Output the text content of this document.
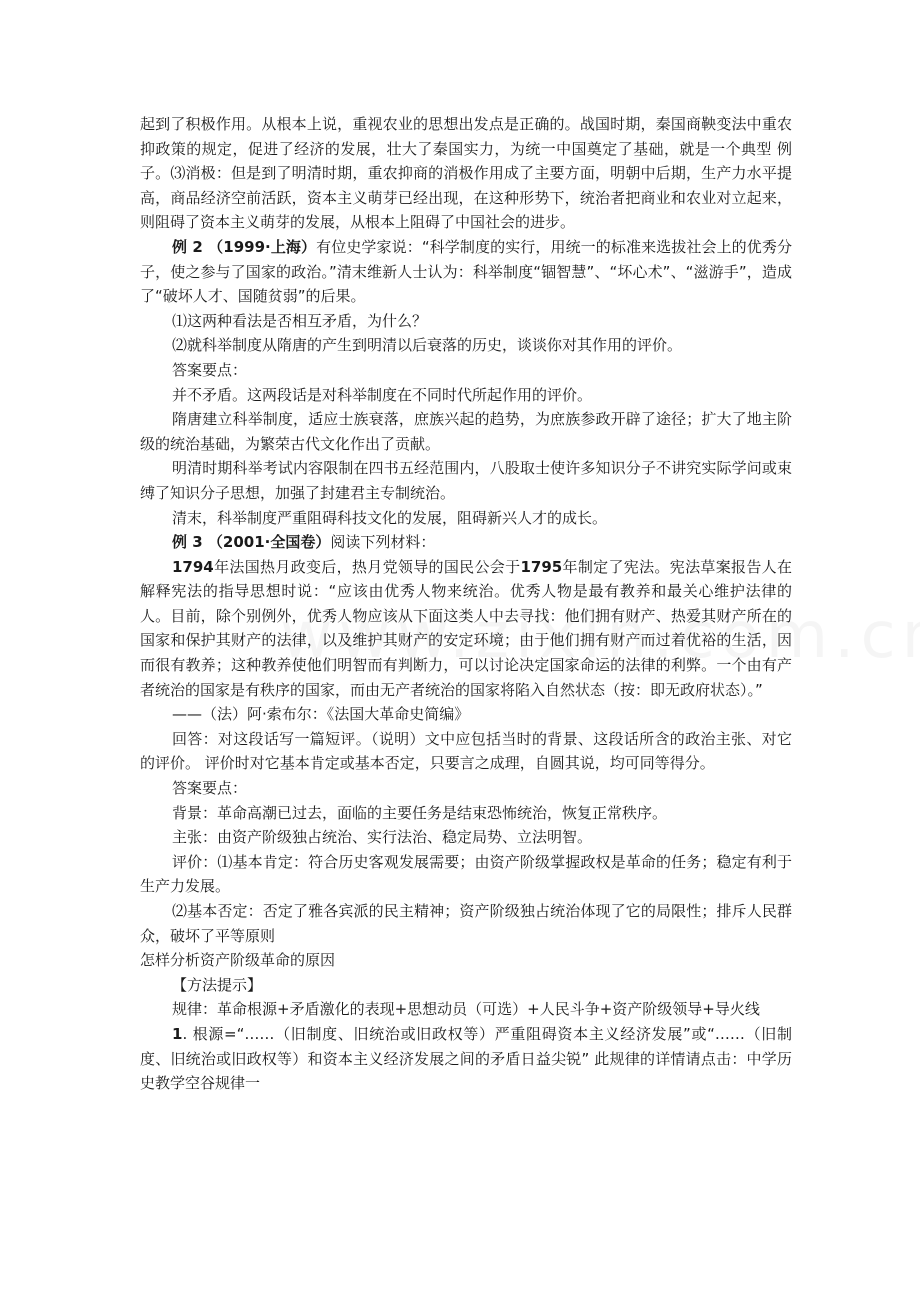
起到了积极作用。从根本上说，重视农业的思想出发点是正确的。战国时期，秦国商鞅变法中重农抑政策的规定，促进了经济的发展，壮大了秦国实力，为统一中国奠定了基础，就是一个典型 例子。⑶消极：但是到了明清时期，重农抑商的消极作用成了主要方面，明朝中后期，生产力水平提高，商品经济空前活跃，资本主义萌芽已经出现，在这种形势下，统治者把商业和农业对立起来，则阻碍了资本主义萌芽的发展，从根本上阻碍了中国社会的进步。

例 2 （1999·上海）有位史学家说：“科学制度的实行，用统一的标准来选拔社会上的优秀分子，使之参与了国家的政治。”清末维新人士认为：科举制度“锢智慧”、“坏心术”、“滋游手”，造成了“破坏人才、国随贫弱”的后果。

⑴这两种看法是否相互矛盾，为什么？

⑵就科举制度从隋唐的产生到明清以后衰落的历史，谈谈你对其作用的评价。

答案要点：

并不矛盾。这两段话是对科举制度在不同时代所起作用的评价。

隋唐建立科举制度，适应士族衰落，庶族兴起的趋势，为庶族参政开辟了途径；扩大了地主阶级的统治基础，为繁荣古代文化作出了贡献。

明清时期科举考试内容限制在四书五经范围内，八股取士使许多知识分子不讲究实际学问或束缚了知识分子思想，加强了封建君主专制统治。

清末，科举制度严重阻碍科技文化的发展，阻碍新兴人才的成长。

例 3 （2001·全国卷）阅读下列材料：

1794年法国热月政变后，热月党领导的国民公会于1795年制定了宪法。宪法草案报告人在解释宪法的指导思想时说：“应该由优秀人物来统治。优秀人物是最有教养和最关心维护法律的人。目前，除个别例外，优秀人物应该从下面这类人中去寻找：他们拥有财产、热爱其财产所在的国家和保护其财产的法律，以及维护其财产的安定环境；由于他们拥有财产而过着优裕的生活，因而很有教养；这种教养使他们明智而有判断力，可以讨论决定国家命运的法律的利弊。一个由有产者统治的国家是有秩序的国家，而由无产者统治的国家将陷入自然状态（按：即无政府状态）。”

——（法）阿·索布尔：《法国大革命史简编》

回答：对这段话写一篇短评。（说明）文中应包括当时的背景、这段话所含的政治主张、对它的评价。 评价时对它基本肯定或基本否定，只要言之成理，自圆其说，均可同等得分。

答案要点：

背景：革命高潮已过去，面临的主要任务是结束恐怖统治，恢复正常秩序。

主张：由资产阶级独占统治、实行法治、稳定局势、立法明智。

评价：⑴基本肯定：符合历史客观发展需要；由资产阶级掌握政权是革命的任务；稳定有利于生产力发展。

⑵基本否定：否定了雅各宾派的民主精神；资产阶级独占统治体现了它的局限性；排斥人民群众，破坏了平等原则

怎样分析资产阶级革命的原因

【方法提示】

规律：革命根源+矛盾激化的表现+思想动员（可选）+人民斗争+资产阶级领导+导火线

1. 根源=“……（旧制度、旧统治或旧政权等）严重阻碍资本主义经济发展”或“……（旧制度、旧统治或旧政权等）和资本主义经济发展之间的矛盾日益尖锐” 此规律的详情请点击：中学历史教学空谷规律一
